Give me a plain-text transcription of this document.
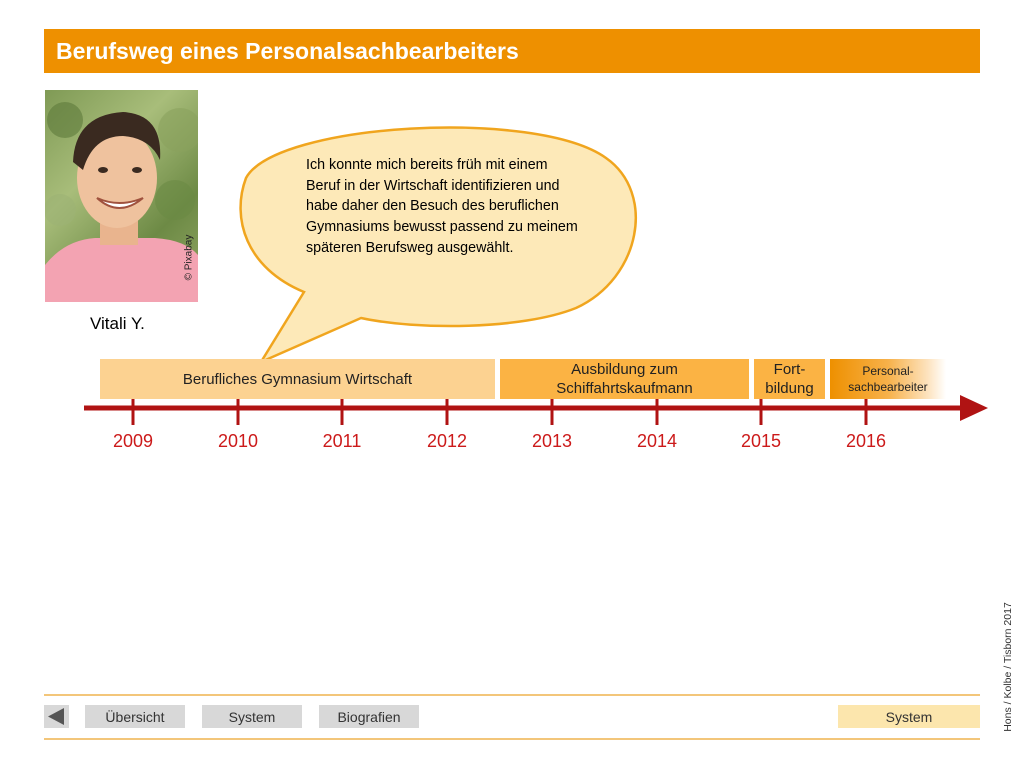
Berufsweg eines Personalsachbearbeiters
© Pixabay
Vitali Y.
Ich konnte mich bereits früh mit einem Beruf in der Wirtschaft identifizieren und habe daher den Besuch des beruflichen Gymnasiums bewusst passend zu meinem späteren Berufsweg ausgewählt.
Berufliches Gymnasium Wirtschaft
Ausbildung zum
Schiffahrtskaufmann
Fort-
bildung
Personal-
sachbearbeiter
2009	2010	2011	2012	2013	2014	2015	2016
Übersicht	System	Biografien	System	Hons / Kolbe / Tisborn 2017
